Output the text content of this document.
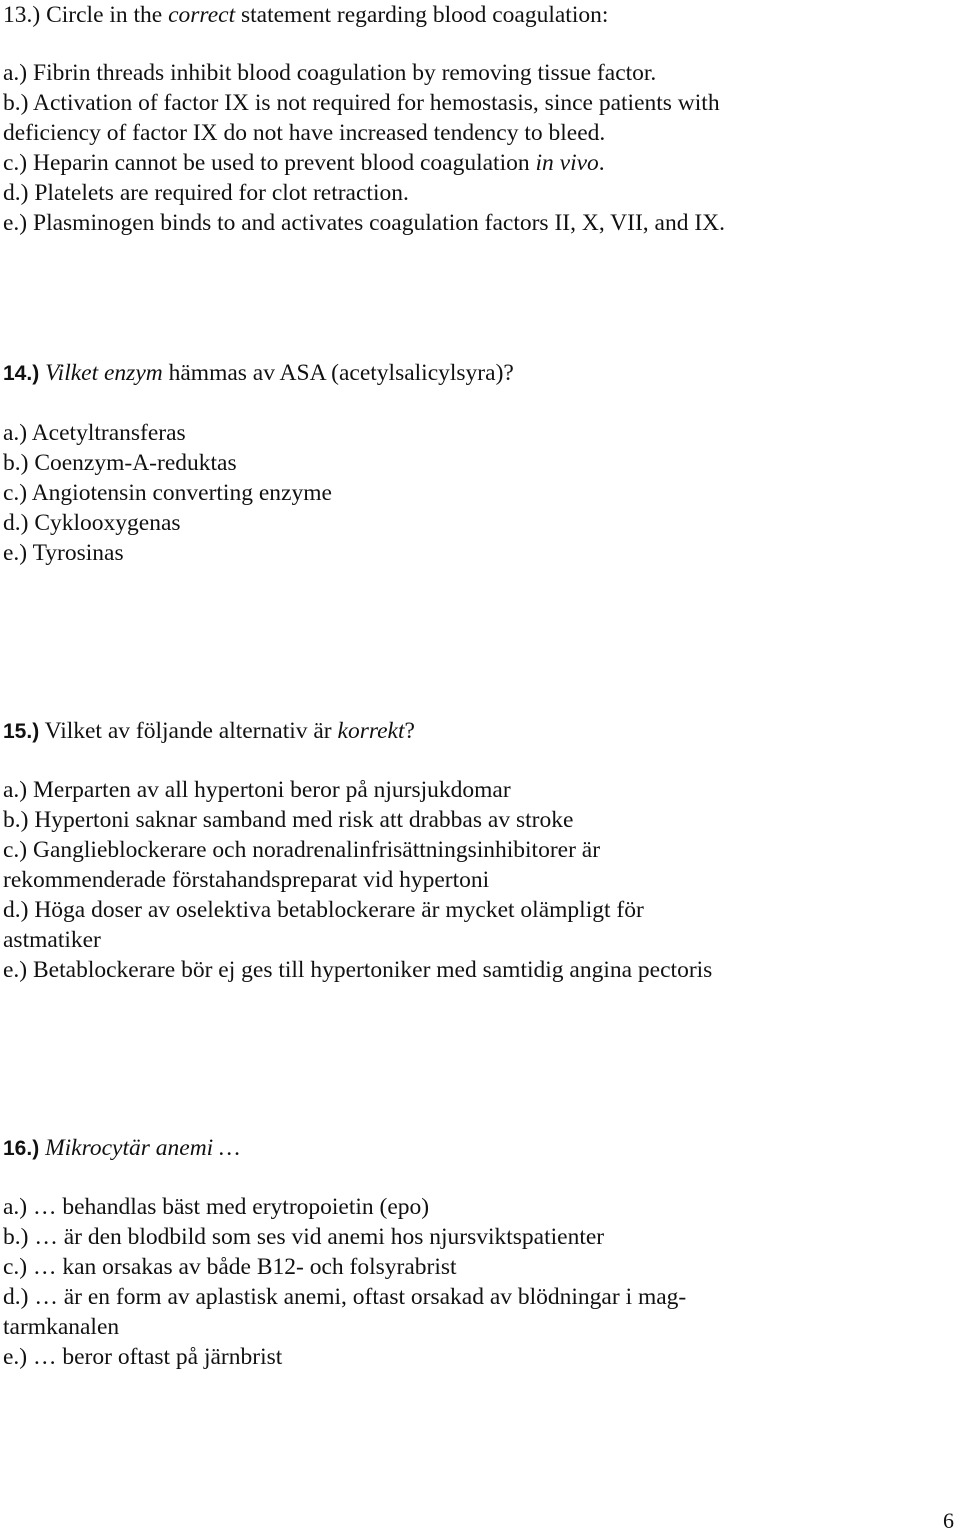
13.) Circle in the correct statement regarding blood coagulation:
a.) Fibrin threads inhibit blood coagulation by removing tissue factor.
b.) Activation of factor IX is not required for hemostasis, since patients with
deficiency of factor IX do not have increased tendency to bleed.
c.) Heparin cannot be used to prevent blood coagulation in vivo.
d.) Platelets are required for clot retraction.
e.) Plasminogen binds to and activates coagulation factors II, X, VII, and IX.
14.) Vilket enzym hämmas av ASA (acetylsalicylsyra)?
a.) Acetyltransferas
b.) Coenzym-A-reduktas
c.) Angiotensin converting enzyme
d.) Cyklooxygenas
e.) Tyrosinas
15.) Vilket av följande alternativ är korrekt?
a.) Merparten av all hypertoni beror på njursjukdomar
b.) Hypertoni saknar samband med risk att drabbas av stroke
c.) Ganglieblockerare och noradrenalinfrisättningsinhibitorer är
rekommenderade förstahandspreparat vid hypertoni
d.) Höga doser av oselektiva betablockerare är mycket olämpligt för
astmatiker
e.) Betablockerare bör ej ges till hypertoniker med samtidig angina pectoris
16.) Mikrocytär anemi …
a.) … behandlas bäst med erytropoietin (epo)
b.) … är den blodbild som ses vid anemi hos njursviktspatienter
c.) … kan orsakas av både B12- och folsyrabrist
d.) … är en form av aplastisk anemi, oftast orsakad av blödningar i mag-
tarmkanalen
e.) … beror oftast på järnbrist
6
